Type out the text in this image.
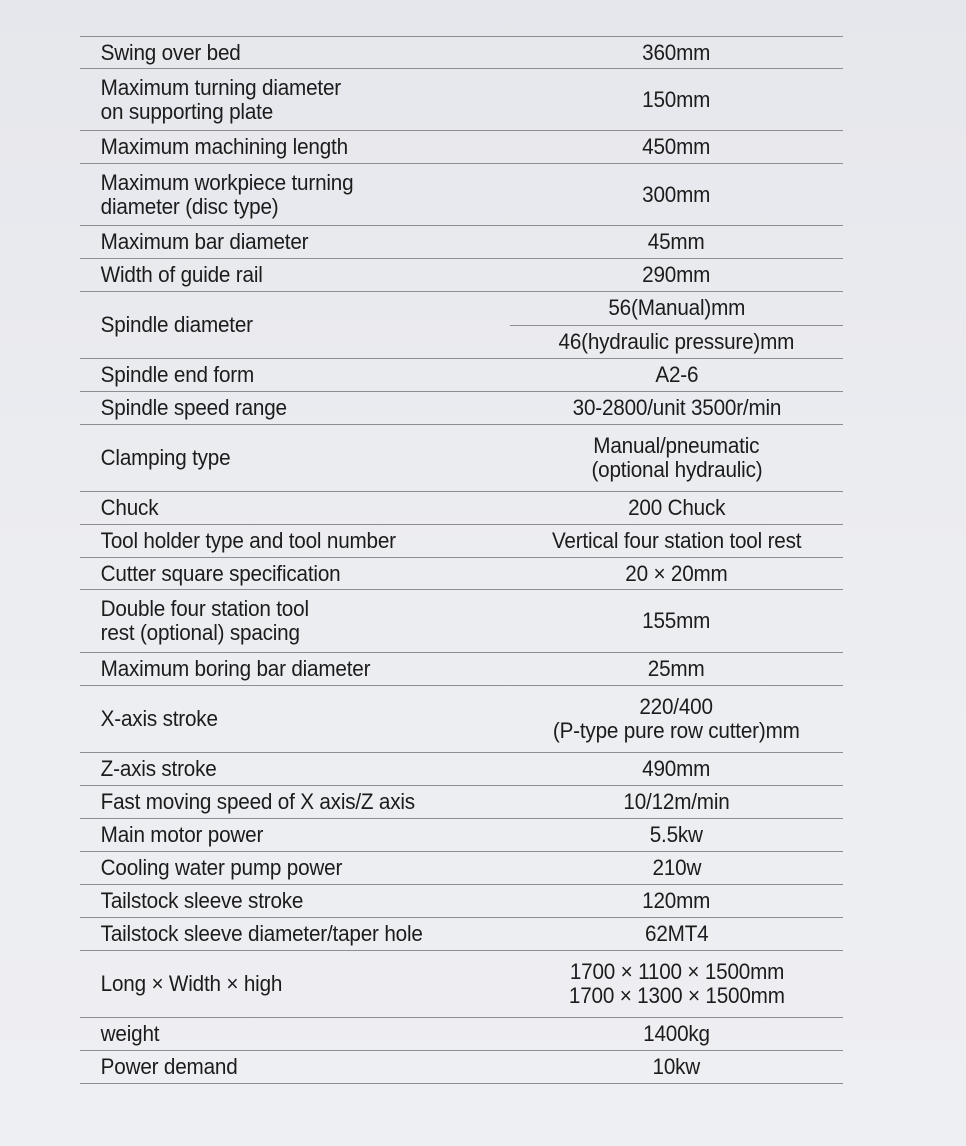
Swing over bed	360mm
Maximum turning diameter
on supporting plate	150mm
Maximum machining length	450mm
Maximum workpiece turning
diameter (disc type)	300mm
Maximum bar diameter	45mm
Width of guide rail	290mm
Spindle diameter
56(Manual)mm
46(hydraulic pressure)mm
Spindle end form	A2-6
Spindle speed range	30-2800/unit 3500r/min
Clamping type	Manual/pneumatic
(optional hydraulic)
Chuck	200 Chuck
Tool holder type and tool number	Vertical four station tool rest
Cutter square specification	20 × 20mm
Double four station tool
rest (optional) spacing	155mm
Maximum boring bar diameter	25mm
X-axis stroke	220/400
(P-type pure row cutter)mm
Z-axis stroke	490mm
Fast moving speed of X axis/Z axis	10/12m/min
Main motor power	5.5kw
Cooling water pump power	210w
Tailstock sleeve stroke	120mm
Tailstock sleeve diameter/taper hole	62MT4
Long × Width × high	1700 × 1100 × 1500mm
1700 × 1300 × 1500mm
weight	1400kg
Power demand	10kw
